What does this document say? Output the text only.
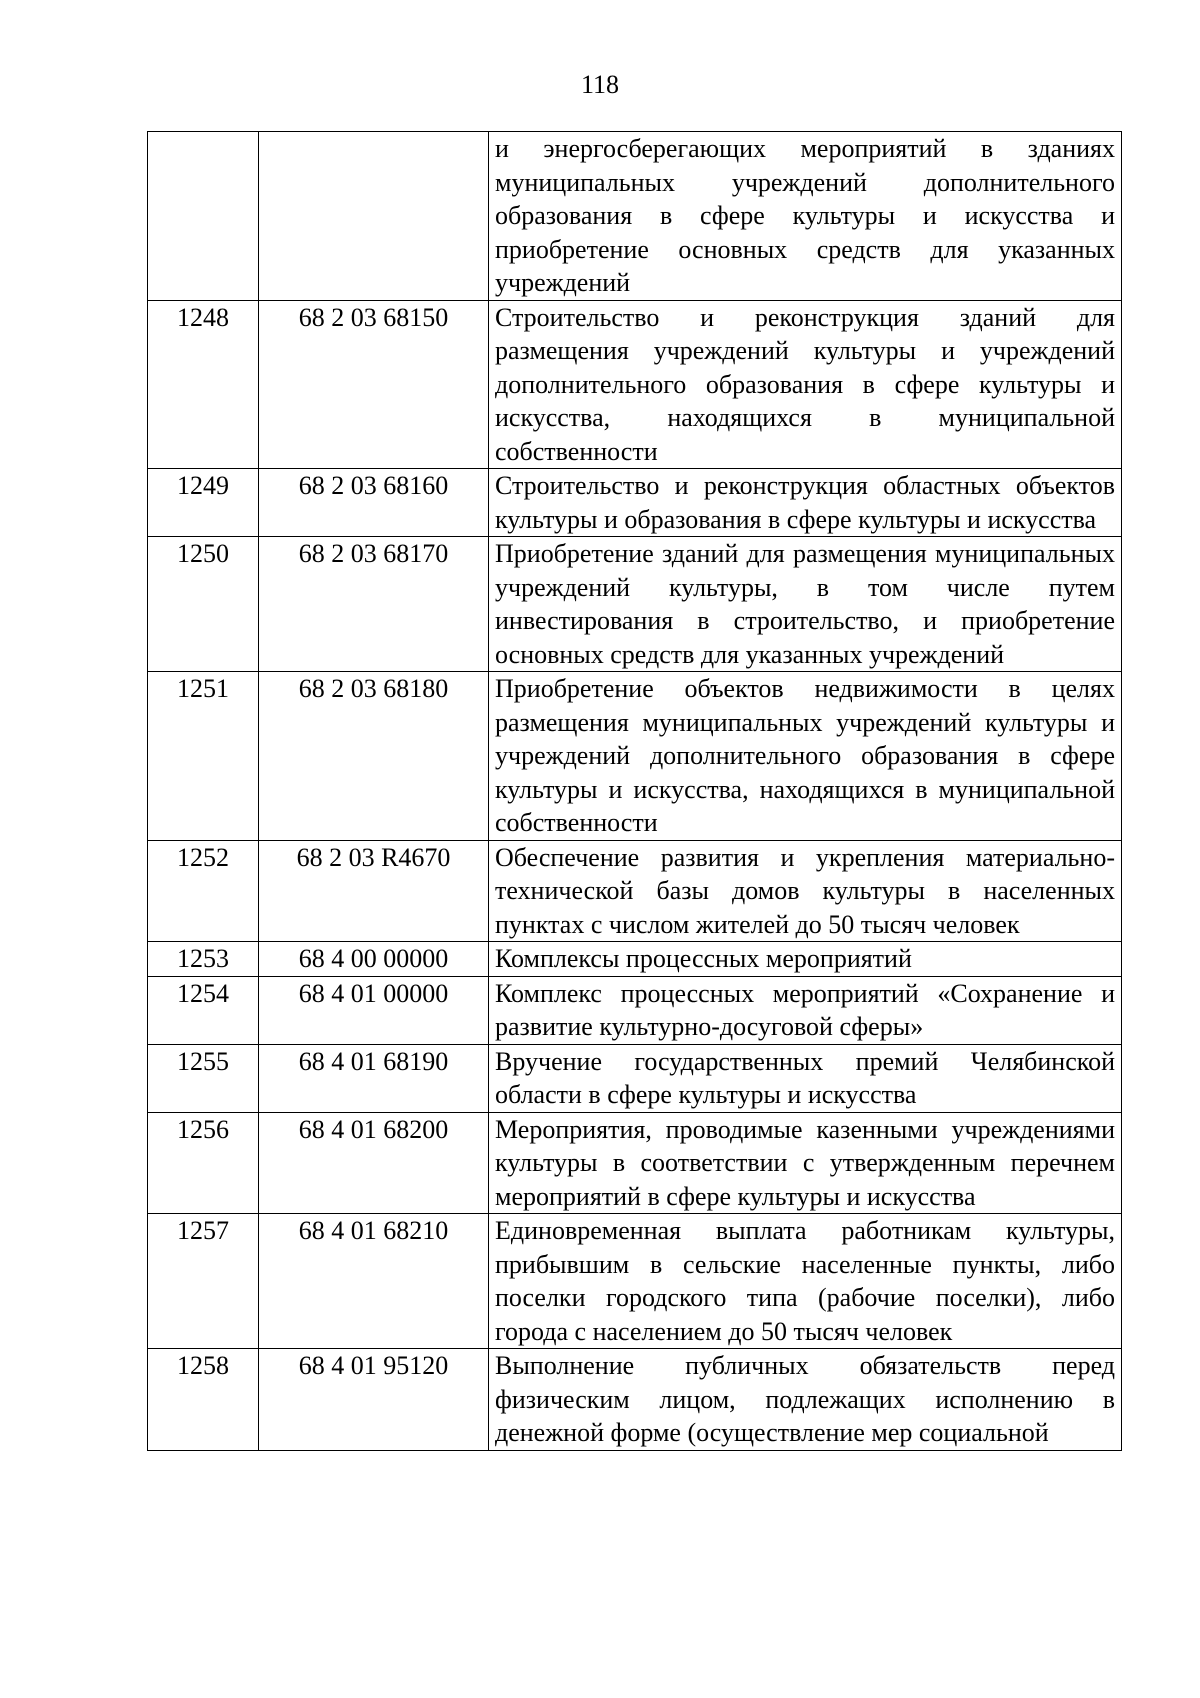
118
		и энергосберегающих мероприятий в зданиях муниципальных учреждений дополнительного образования в сфере культуры и искусства и приобретение основных средств для указанных учреждений
1248	68 2 03 68150	Строительство и реконструкция зданий для размещения учреждений культуры и учреждений дополнительного образования в сфере культуры и искусства, находящихся в муниципальной собственности
1249	68 2 03 68160	Строительство и реконструкция областных объектов культуры и образования в сфере культуры и искусства
1250	68 2 03 68170	Приобретение зданий для размещения муниципальных учреждений культуры, в том числе путем инвестирования в строительство, и приобретение основных средств для указанных учреждений
1251	68 2 03 68180	Приобретение объектов недвижимости в целях размещения муниципальных учреждений культуры и учреждений дополнительного образования в сфере культуры и искусства, находящихся в муниципальной собственности
1252	68 2 03 R4670	Обеспечение развития и укрепления материально-технической базы домов культуры в населенных пунктах с числом жителей до 50 тысяч человек
1253	68 4 00 00000	Комплексы процессных мероприятий
1254	68 4 01 00000	Комплекс процессных мероприятий «Сохранение и развитие культурно-досуговой сферы»
1255	68 4 01 68190	Вручение государственных премий Челябинской области в сфере культуры и искусства
1256	68 4 01 68200	Мероприятия, проводимые казенными учреждениями культуры в соответствии с утвержденным перечнем мероприятий в сфере культуры и искусства
1257	68 4 01 68210	Единовременная выплата работникам культуры, прибывшим в сельские населенные пункты, либо поселки городского типа (рабочие поселки), либо города с населением до 50 тысяч человек
1258	68 4 01 95120	Выполнение публичных обязательств перед физическим лицом, подлежащих исполнению в денежной форме (осуществление мер социальной
